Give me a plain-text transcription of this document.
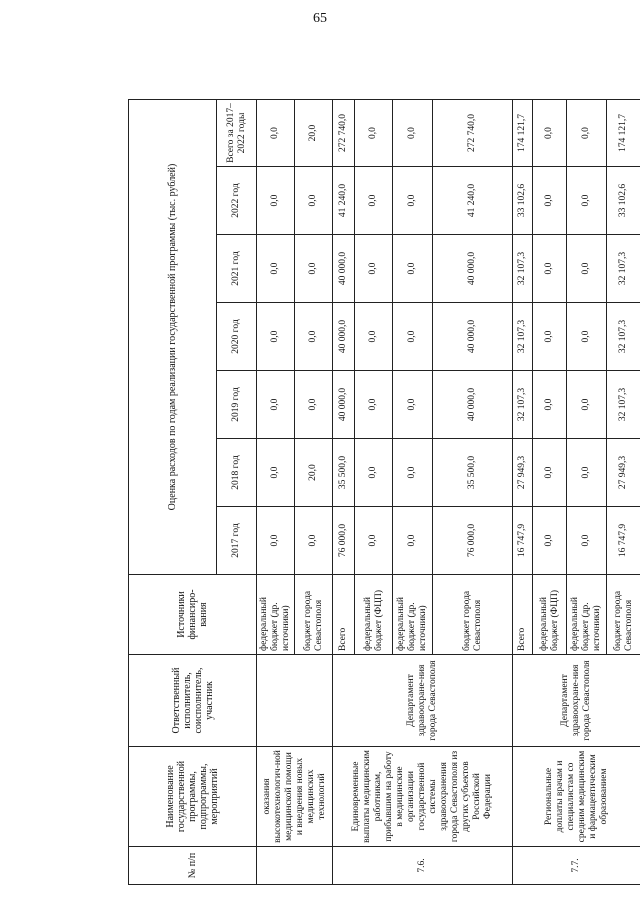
65
№ п/п	Наименование государственной программы, подпрограммы, мероприятий	Ответственный исполнитель, соисполнитель, участник	Источники финансиро-вания	Оценка расходов по годам реализации государственной программы (тыс. рублей)						
				2017 год	2018 год	2019 год	2020 год	2021 год	2022 год	Всего за 2017–2022 годы
	оказания высокотехнологич-ной медицинской помощи и внедрения новых медицинских технологий		федеральный бюджет (др. источники)	0,0	0,0	0,0	0,0	0,0	0,0	0,0
			бюджет города Севастополя	0,0	20,0	0,0	0,0	0,0	0,0	20,0
7.6.	Единовременные выплаты медицинским работникам, прибывшим на работу в медицинские организации государственной системы здравоохранения города Севастополя из других субъектов Российской Федерации	Департамент здравоохране-ния города Севастополя	Всего	76 000,0	35 500,0	40 000,0	40 000,0	40 000,0	41 240,0	272 740,0
			федеральный бюджет (ФЦП)	0,0	0,0	0,0	0,0	0,0	0,0	0,0
			федеральный бюджет (др. источники)	0,0	0,0	0,0	0,0	0,0	0,0	0,0
			бюджет города Севастополя	76 000,0	35 500,0	40 000,0	40 000,0	40 000,0	41 240,0	272 740,0
7.7.	Региональные доплаты врачам и специалистам со средним медицинским и фармацевтическим образованием	Департамент здравоохране-ния города Севастополя	Всего	16 747,9	27 949,3	32 107,3	32 107,3	32 107,3	33 102,6	174 121,7
			федеральный бюджет (ФЦП)	0,0	0,0	0,0	0,0	0,0	0,0	0,0
			федеральный бюджет (др. источники)	0,0	0,0	0,0	0,0	0,0	0,0	0,0
			бюджет города Севастополя	16 747,9	27 949,3	32 107,3	32 107,3	32 107,3	33 102,6	174 121,7
